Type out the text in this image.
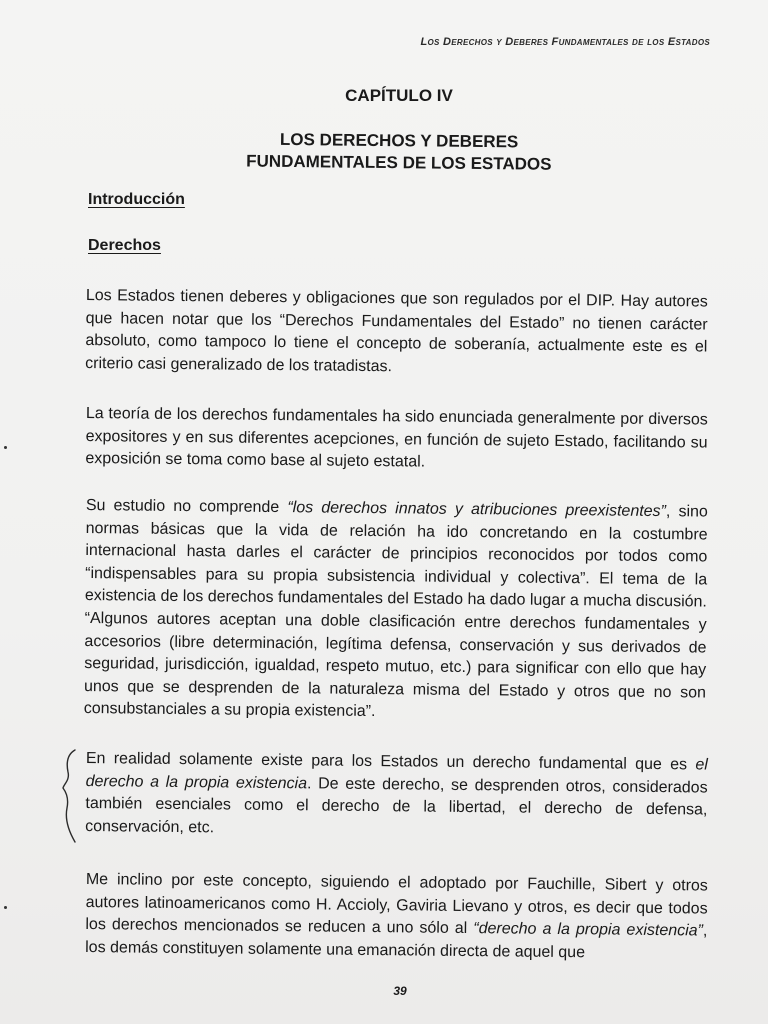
Los Derechos y Deberes Fundamentales de los Estados
CAPÍTULO IV
LOS DERECHOS Y DEBERES
FUNDAMENTALES DE LOS ESTADOS
Introducción
Derechos
Los Estados tienen deberes y obligaciones que son regulados por el DIP. Hay autores que hacen notar que los “Derechos Fundamentales del Estado” no tienen carácter absoluto, como tampoco lo tiene el concepto de soberanía, actualmente este es el criterio casi generalizado de los tratadistas.
La teoría de los derechos fundamentales ha sido enunciada generalmente por diversos expositores y en sus diferentes acepciones, en función de sujeto Estado, facilitando su exposición se toma como base al sujeto estatal.
Su estudio no comprende “los derechos innatos y atribuciones preexistentes”, sino normas básicas que la vida de relación ha ido concretando en la costumbre internacional hasta darles el carácter de principios reconocidos por todos como “indispensables para su propia subsistencia individual y colectiva”. El tema de la existencia de los derechos fundamentales del Estado ha dado lugar a mucha discusión. “Algunos autores aceptan una doble clasificación entre derechos fundamentales y accesorios (libre determinación, legítima defensa, conservación y sus derivados de seguridad, jurisdicción, igualdad, respeto mutuo, etc.) para significar con ello que hay unos que se desprenden de la naturaleza misma del Estado y otros que no son consubstanciales a su propia existencia”.
En realidad solamente existe para los Estados un derecho fundamental que es el derecho a la propia existencia. De este derecho, se desprenden otros, considerados también esenciales como el derecho de la libertad, el derecho de defensa, conservación, etc.
Me inclino por este concepto, siguiendo el adoptado por Fauchille, Sibert y otros autores latinoamericanos como H. Accioly, Gaviria Lievano y otros, es decir que todos los derechos mencionados se reducen a uno sólo al “derecho a la propia existencia”, los demás constituyen solamente una emanación directa de aquel que
39
